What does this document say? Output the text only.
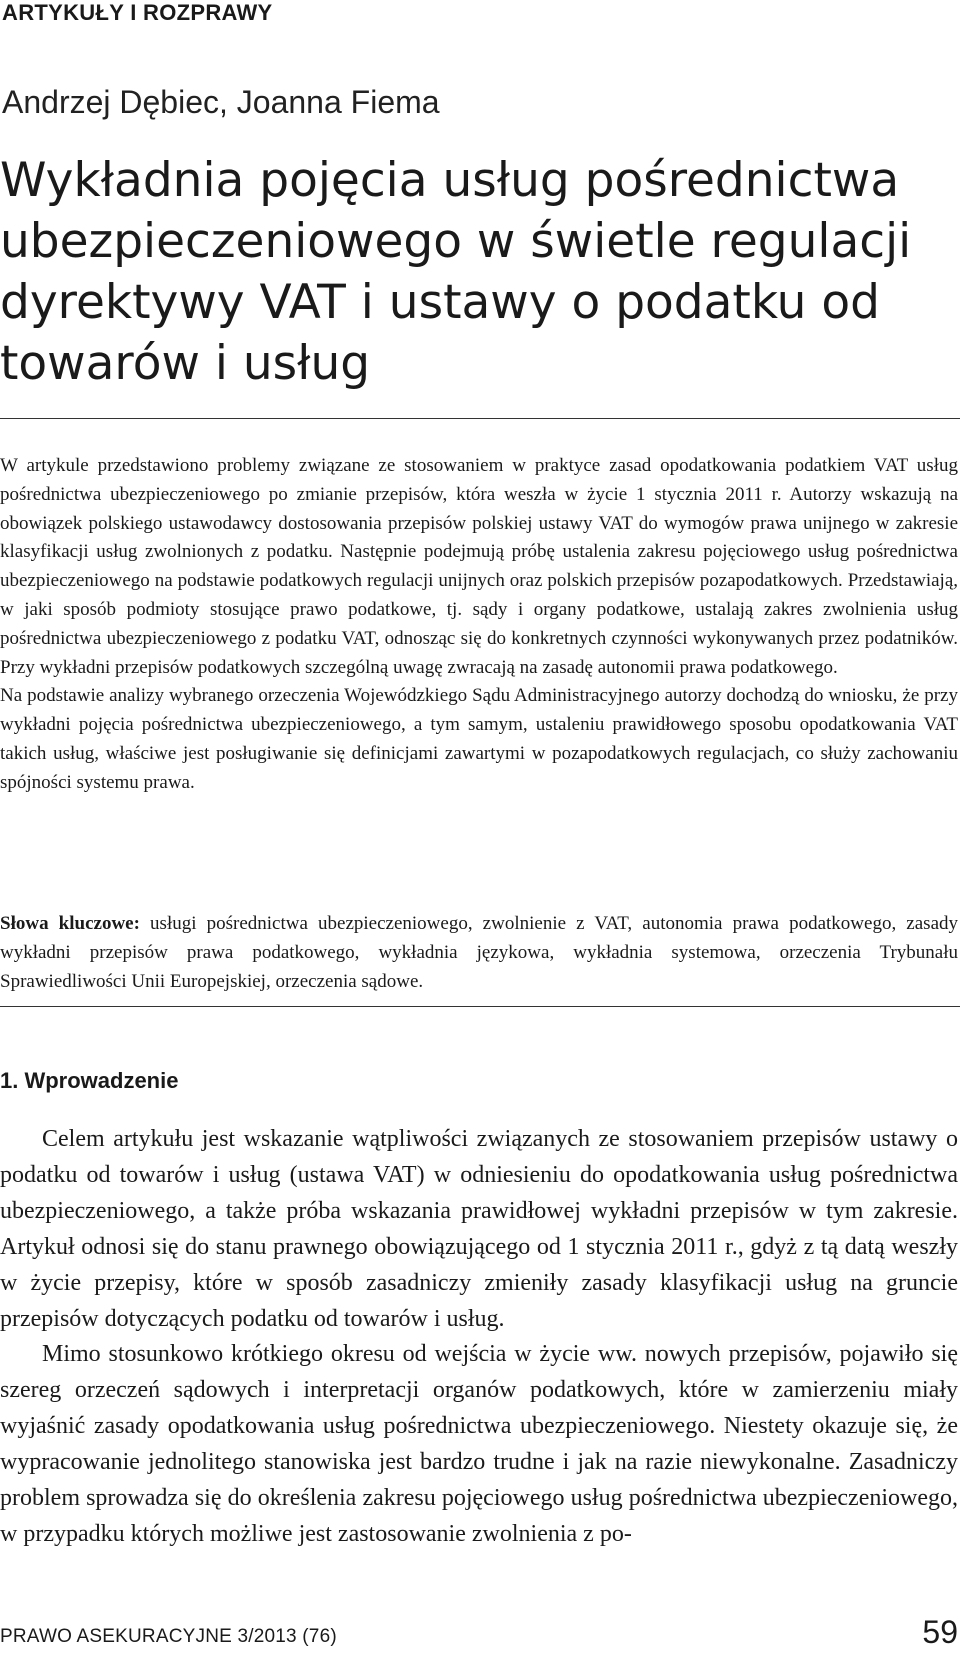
ARTYKUŁY I ROZPRAWY
Andrzej Dębiec, Joanna Fiema
Wykładnia pojęcia usług pośrednictwa ubezpieczeniowego w świetle regulacji dyrektywy VAT i ustawy o podatku od towarów i usług

W artykule przedstawiono problemy związane ze stosowaniem w praktyce zasad opodatkowania podatkiem VAT usług pośrednictwa ubezpieczeniowego po zmianie przepisów, która weszła w życie 1 stycznia 2011 r. Autorzy wskazują na obowiązek polskiego ustawodawcy dostosowania przepisów polskiej ustawy VAT do wymogów prawa unijnego w zakresie klasyfikacji usług zwolnionych z podatku. Następnie podejmują próbę ustalenia zakresu pojęciowego usług pośrednictwa ubezpieczeniowego na podstawie podatkowych regulacji unijnych oraz polskich przepisów pozapodatkowych. Przedstawiają, w jaki sposób podmioty stosujące prawo podatkowe, tj. sądy i organy podatkowe, ustalają zakres zwolnienia usług pośrednictwa ubezpieczeniowego z podatku VAT, odnosząc się do konkretnych czynności wykonywanych przez podatników. Przy wykładni przepisów podatkowych szczególną uwagę zwracają na zasadę autonomii prawa podatkowego.

Na podstawie analizy wybranego orzeczenia Wojewódzkiego Sądu Administracyjnego autorzy dochodzą do wniosku, że przy wykładni pojęcia pośrednictwa ubezpieczeniowego, a tym samym, ustaleniu prawidłowego sposobu opodatkowania VAT takich usług, właściwe jest posługiwanie się definicjami zawartymi w pozapodatkowych regulacjach, co służy zachowaniu spójności systemu prawa.

Słowa kluczowe: usługi pośrednictwa ubezpieczeniowego, zwolnienie z VAT, autonomia prawa podatkowego, zasady wykładni przepisów prawa podatkowego, wykładnia językowa, wykładnia systemowa, orzeczenia Trybunału Sprawiedliwości Unii Europejskiej, orzeczenia sądowe.

1. Wprowadzenie

Celem artykułu jest wskazanie wątpliwości związanych ze stosowaniem przepisów ustawy o podatku od towarów i usług (ustawa VAT) w odniesieniu do opodatkowania usług pośrednictwa ubezpieczeniowego, a także próba wskazania prawidłowej wykładni przepisów w tym zakresie. Artykuł odnosi się do stanu prawnego obowiązującego od 1 stycznia 2011 r., gdyż z tą datą weszły w życie przepisy, które w sposób zasadniczy zmieniły zasady klasyfikacji usług na gruncie przepisów dotyczących podatku od towarów i usług.

Mimo stosunkowo krótkiego okresu od wejścia w życie ww. nowych przepisów, pojawiło się szereg orzeczeń sądowych i interpretacji organów podatkowych, które w zamierzeniu miały wyjaśnić zasady opodatkowania usług pośrednictwa ubezpieczeniowego. Niestety okazuje się, że wypracowanie jednolitego stanowiska jest bardzo trudne i jak na razie niewykonalne. Zasadniczy problem sprowadza się do określenia zakresu pojęciowego usług pośrednictwa ubezpieczeniowego, w przypadku których możliwe jest zastosowanie zwolnienia z po-

PRAWO ASEKURACYJNE 3/2013 (76)	59
